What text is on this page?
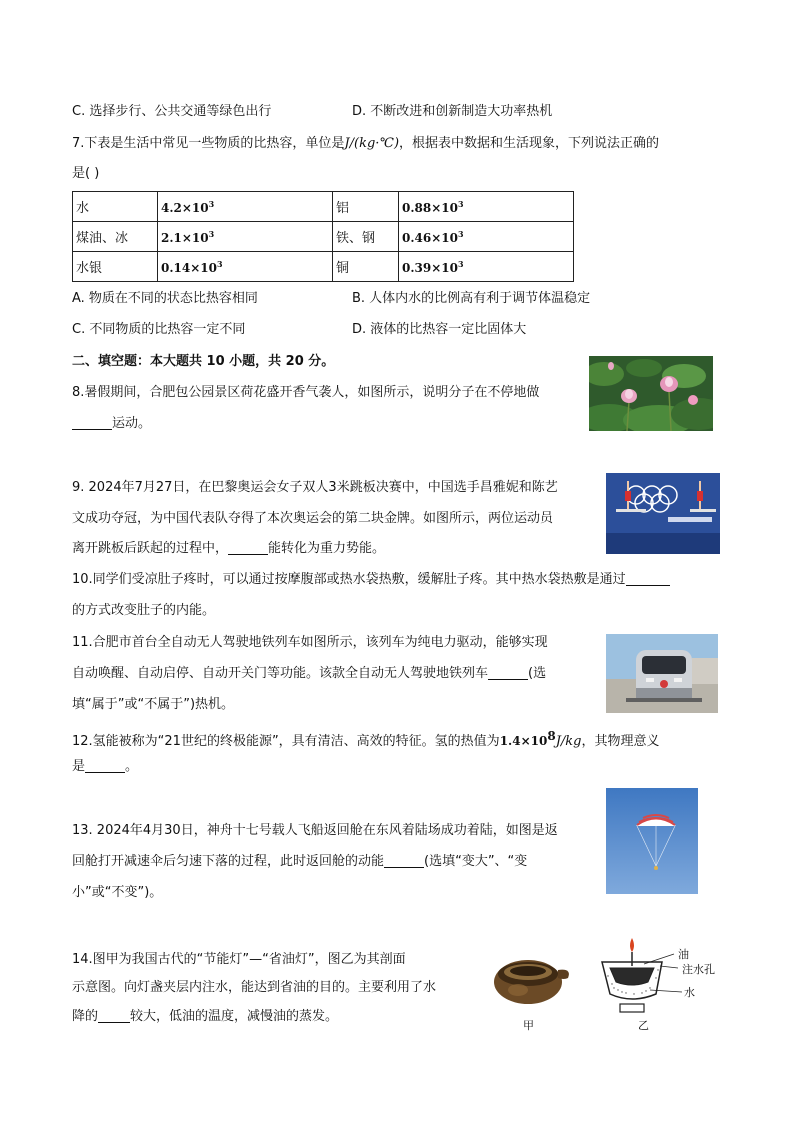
C. 选择步行、公共交通等绿色出行	D. 不断改进和创新制造大功率热机
7.下表是生活中常见一些物质的比热容，单位是J/(kg·℃)，根据表中数据和生活现象，下列说法正确的
是( )
水	$4.2\times 10^3$	铝	$0.88\times 10^3$
煤油、冰	$2.1\times 10^3$	铁、钢	$0.46\times 10^3$
水银	$0.14\times 10^3$	铜	$0.39\times 10^3$
A. 物质在不同的状态比热容相同	B. 人体内水的比例高有利于调节体温稳定
C. 不同物质的比热容一定不同	D. 液体的比热容一定比固体大
二、填空题：本大题共 10 小题，共 20 分。
8.暑假期间，合肥包公园景区荷花盛开香气袭人，如图所示，说明分子在不停地做
运动。
9. 2024年7月27日，在巴黎奥运会女子双人3米跳板决赛中，中国选手昌雅妮和陈艺
文成功夺冠，为中国代表队夺得了本次奥运会的第二块金牌。如图所示，两位运动员
离开跳板后跃起的过程中，	能转化为重力势能。
10.同学们受凉肚子疼时，可以通过按摩腹部或热水袋热敷，缓解肚子疼。其中热水袋热敷是通过
的方式改变肚子的内能。
11.合肥市首台全自动无人驾驶地铁列车如图所示，该列车为纯电力驱动，能够实现
自动唤醒、自动启停、自动开关门等功能。该款全自动无人驾驶地铁列车	(选
填“属于”或“不属于”)热机。
12.氢能被称为“21世纪的终极能源”，具有清洁、高效的特征。氢的热值为$1.4\times 10^8J/kg$，其物理意义
是	。
13. 2024年4月30日，神舟十七号载人飞船返回舱在东风着陆场成功着陆，如图是返
回舱打开减速伞后匀速下落的过程，此时返回舱的动能	(选填“变大”、“变
小”或“不变”)。
14.图甲为我国古代的“节能灯”—“省油灯”，图乙为其剖面
示意图。向灯盏夹层内注水，能达到省油的目的。主要利用了水
降的 较大，低油的温度，减慢油的蒸发。
甲
油
注水孔
水
乙
